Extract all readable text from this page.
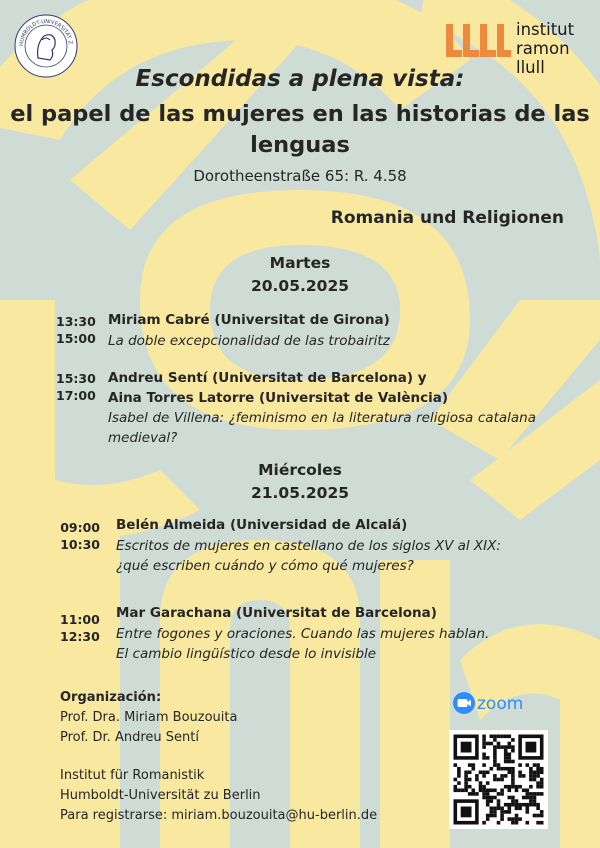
HUMBOLDT-UNIVERSITÄT Z
institut
ramon llull
Escondidas a plena vista:
el papel de las mujeres en las historias de las
lenguas
Dorotheenstraße 65: R. 4.58
Romania und Religionen
Martes
20.05.2025
13:30
15:00
Miriam Cabré (Universitat de Girona)
La doble excepcionalidad de las trobairitz
15:30
17:00
Andreu Sentí (Universitat de Barcelona) y
Aina Torres Latorre (Universitat de València)
Isabel de Villena: ¿feminismo en la literatura religiosa catalana medieval?
Miércoles
21.05.2025
09:00
10:30
Belén Almeida (Universidad de Alcalá)
Escritos de mujeres en castellano de los siglos XV al XIX:
¿qué escriben cuándo y cómo qué mujeres?
11:00
12:30
Mar Garachana (Universitat de Barcelona)
Entre fogones y oraciones. Cuando las mujeres hablan.
El cambio lingüístico desde lo invisible
Organización:
Prof. Dra. Miriam Bouzouita
Prof. Dr. Andreu Sentí
Institut für Romanistik
Humboldt-Universität zu Berlin
Para registrarse: miriam.bouzouita@hu-berlin.de
zoom
